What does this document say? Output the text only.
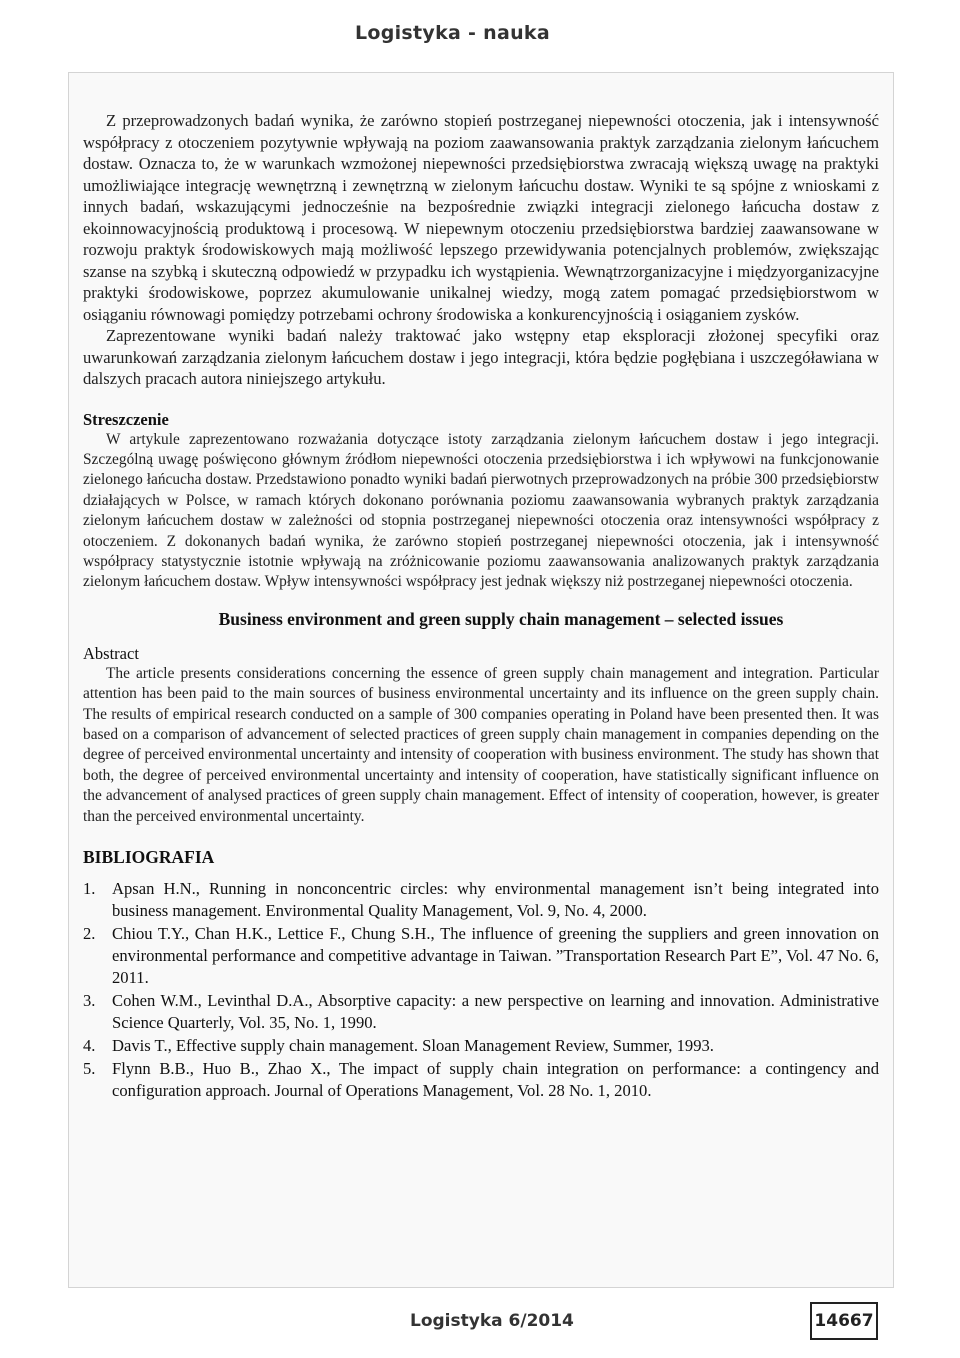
Logistyka - nauka

Z przeprowadzonych badań wynika, że zarówno stopień postrzeganej niepewności otoczenia, jak i intensywność współpracy z otoczeniem pozytywnie wpływają na poziom zaawansowania praktyk zarządzania zielonym łańcuchem dostaw. Oznacza to, że w warunkach wzmożonej niepewności przedsiębiorstwa zwracają większą uwagę na praktyki umożliwiające integrację wewnętrzną i zewnętrzną w zielonym łańcuchu dostaw. Wyniki te są spójne z wnioskami z innych badań, wskazującymi jednocześnie na bezpośrednie związki integracji zielonego łańcucha dostaw z ekoinnowacyjnością produktową i procesową. W niepewnym otoczeniu przedsiębiorstwa bardziej zaawansowane w rozwoju praktyk środowiskowych mają możliwość lepszego przewidywania potencjalnych problemów, zwiększając szanse na szybką i skuteczną odpowiedź w przypadku ich wystąpienia. Wewnątrzorganizacyjne i międzyorganizacyjne praktyki środowiskowe, poprzez akumulowanie unikalnej wiedzy, mogą zatem pomagać przedsiębiorstwom w osiąganiu równowagi pomiędzy potrzebami ochrony środowiska a konkurencyjnością i osiąganiem zysków.

Zaprezentowane wyniki badań należy traktować jako wstępny etap eksploracji złożonej specyfiki oraz uwarunkowań zarządzania zielonym łańcuchem dostaw i jego integracji, która będzie pogłębiana i uszczegóławiana w dalszych pracach autora niniejszego artykułu.

Streszczenie

W artykule zaprezentowano rozważania dotyczące istoty zarządzania zielonym łańcuchem dostaw i jego integracji. Szczególną uwagę poświęcono głównym źródłom niepewności otoczenia przedsiębiorstwa i ich wpływowi na funkcjonowanie zielonego łańcucha dostaw. Przedstawiono ponadto wyniki badań pierwotnych przeprowadzonych na próbie 300 przedsiębiorstw działających w Polsce, w ramach których dokonano porównania poziomu zaawansowania wybranych praktyk zarządzania zielonym łańcuchem dostaw w zależności od stopnia postrzeganej niepewności otoczenia oraz intensywności współpracy z otoczeniem. Z dokonanych badań wynika, że zarówno stopień postrzeganej niepewności otoczenia, jak i intensywność współpracy statystycznie istotnie wpływają na zróżnicowanie poziomu zaawansowania analizowanych praktyk zarządzania zielonym łańcuchem dostaw. Wpływ intensywności współpracy jest jednak większy niż postrzeganej niepewności otoczenia.

Business environment and green supply chain management – selected issues
Abstract

The article presents considerations concerning the essence of green supply chain management and integration. Particular attention has been paid to the main sources of business environmental uncertainty and its influence on the green supply chain. The results of empirical research conducted on a sample of 300 companies operating in Poland have been presented then. It was based on a comparison of advancement of selected practices of green supply chain management in companies depending on the degree of perceived environmental uncertainty and intensity of cooperation with business environment. The study has shown that both, the degree of perceived environmental uncertainty and intensity of cooperation, have statistically significant influence on the advancement of analysed practices of green supply chain management. Effect of intensity of cooperation, however, is greater than the perceived environmental uncertainty.

BIBLIOGRAFIA
1. Apsan H.N., Running in nonconcentric circles: why environmental management isn’t being integrated into business management. Environmental Quality Management, Vol. 9, No. 4, 2000.
2. Chiou T.Y., Chan H.K., Lettice F., Chung S.H., The influence of greening the suppliers and green innovation on environmental performance and competitive advantage in Taiwan. ”Transportation Research Part E”, Vol. 47 No. 6, 2011.
3. Cohen W.M., Levinthal D.A., Absorptive capacity: a new perspective on learning and innovation. Administrative Science Quarterly, Vol. 35, No. 1, 1990.
4. Davis T., Effective supply chain management. Sloan Management Review, Summer, 1993.
5. Flynn B.B., Huo B., Zhao X., The impact of supply chain integration on performance: a contingency and configuration approach. Journal of Operations Management, Vol. 28 No. 1, 2010.
Logistyka 6/2014	14667
